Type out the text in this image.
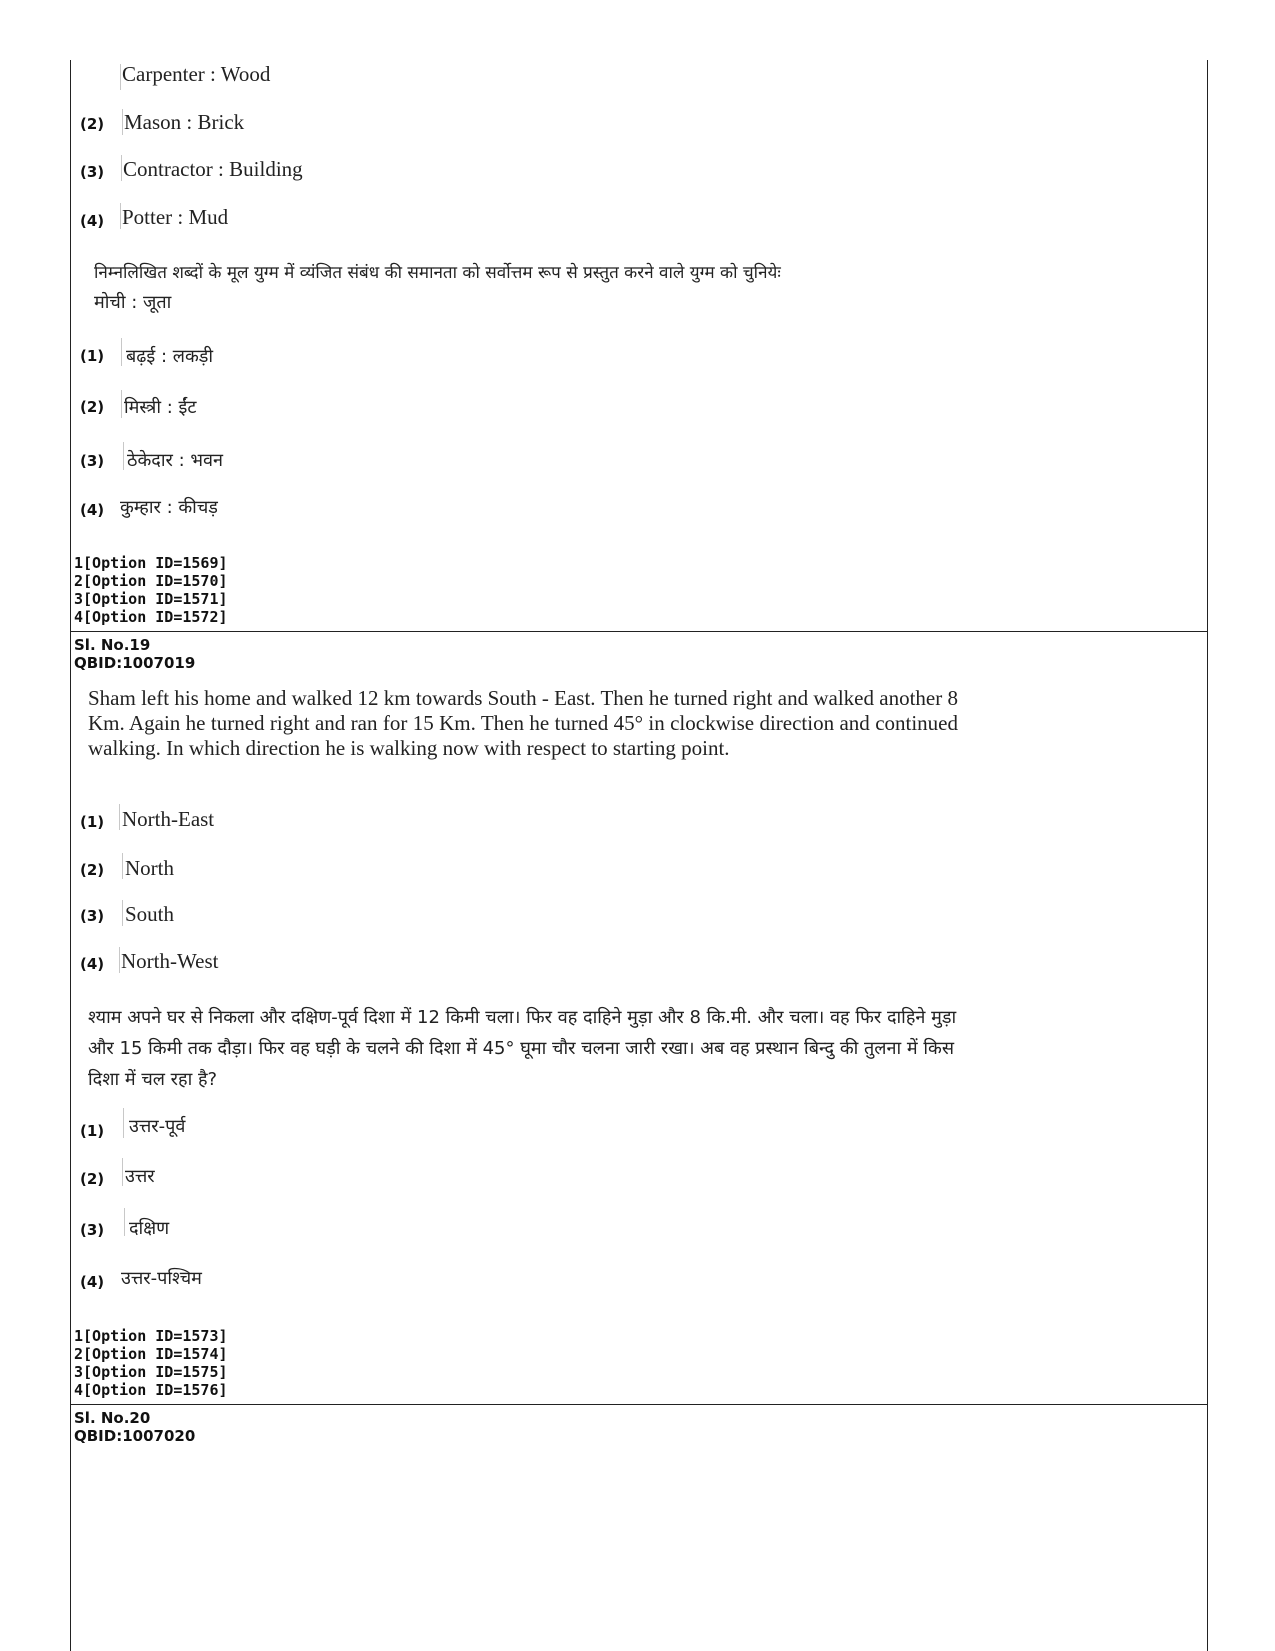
Carpenter : Wood
(2) Mason : Brick
(3) Contractor : Building
(4) Potter : Mud
निम्नलिखित शब्दों के मूल युग्म में व्यंजित संबंध की समानता को सर्वोत्तम रूप से प्रस्तुत करने वाले युग्म को चुनियेः
मोची : जूता
(1) बढ़ई : लकड़ी
(2) मिस्त्री : ईंट
(3) ठेकेदार : भवन
(4) कुम्हार : कीचड़
1[Option ID=1569]
2[Option ID=1570]
3[Option ID=1571]
4[Option ID=1572]
Sl. No.19
QBID:1007019
Sham left his home and walked 12 km towards South - East. Then he turned right and walked another 8 Km. Again he turned right and ran for 15 Km. Then he turned 45° in clockwise direction and continued walking. In which direction he is walking now with respect to starting point.
(1) North-East
(2) North
(3) South
(4) North-West
श्याम अपने घर से निकला और दक्षिण-पूर्व दिशा में 12 किमी चला। फिर वह दाहिने मुड़ा और 8 कि.मी. और चला। वह फिर दाहिने मुड़ा और 15 किमी तक दौड़ा। फिर वह घड़ी के चलने की दिशा में 45° घूमा चौर चलना जारी रखा। अब वह प्रस्थान बिन्दु की तुलना में किस दिशा में चल रहा है?
(1) उत्तर-पूर्व
(2) उत्तर
(3) दक्षिण
(4) उत्तर-पश्चिम
1[Option ID=1573]
2[Option ID=1574]
3[Option ID=1575]
4[Option ID=1576]
Sl. No.20
QBID:1007020
